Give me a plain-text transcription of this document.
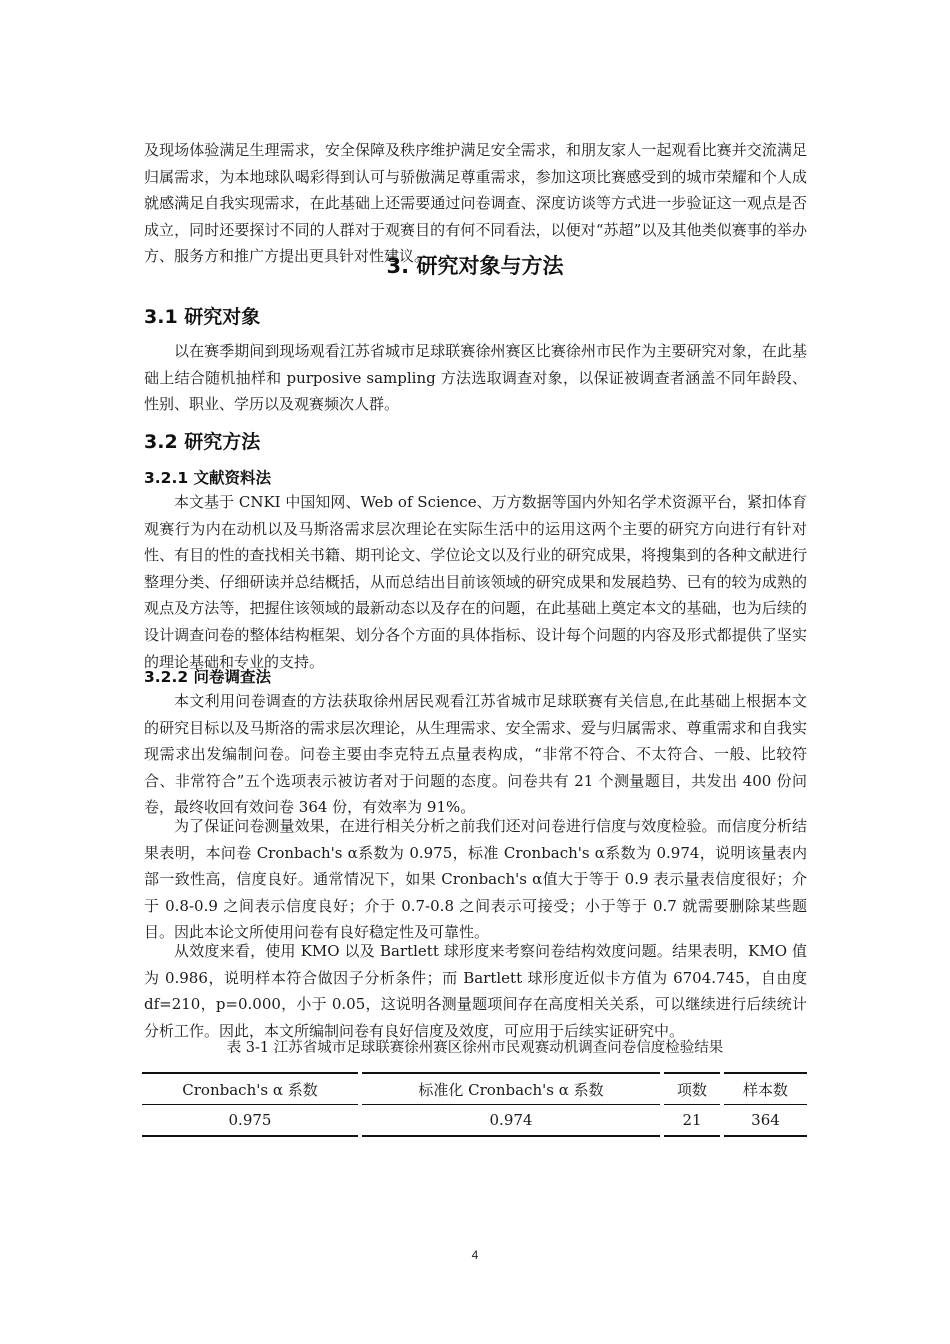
及现场体验满足生理需求，安全保障及秩序维护满足安全需求，和朋友家人一起观看比赛并交流满足归属需求，为本地球队喝彩得到认可与骄傲满足尊重需求，参加这项比赛感受到的城市荣耀和个人成就感满足自我实现需求，在此基础上还需要通过问卷调查、深度访谈等方式进一步验证这一观点是否成立，同时还要探讨不同的人群对于观赛目的有何不同看法，以便对“苏超”以及其他类似赛事的举办方、服务方和推广方提出更具针对性建议。

3. 研究对象与方法
3.1 研究对象

以在赛季期间到现场观看江苏省城市足球联赛徐州赛区比赛徐州市民作为主要研究对象，在此基础上结合随机抽样和 purposive sampling 方法选取调查对象，以保证被调查者涵盖不同年龄段、性别、职业、学历以及观赛频次人群。

3.2 研究方法
3.2.1 文献资料法

本文基于 CNKI 中国知网、Web of Science、万方数据等国内外知名学术资源平台，紧扣体育观赛行为内在动机以及马斯洛需求层次理论在实际生活中的运用这两个主要的研究方向进行有针对性、有目的性的查找相关书籍、期刊论文、学位论文以及行业的研究成果，将搜集到的各种文献进行整理分类、仔细研读并总结概括，从而总结出目前该领域的研究成果和发展趋势、已有的较为成熟的观点及方法等，把握住该领域的最新动态以及存在的问题，在此基础上奠定本文的基础，也为后续的设计调查问卷的整体结构框架、划分各个方面的具体指标、设计每个问题的内容及形式都提供了坚实的理论基础和专业的支持。

3.2.2 问卷调查法

本文利用问卷调查的方法获取徐州居民观看江苏省城市足球联赛有关信息,在此基础上根据本文的研究目标以及马斯洛的需求层次理论，从生理需求、安全需求、爱与归属需求、尊重需求和自我实现需求出发编制问卷。问卷主要由李克特五点量表构成，“非常不符合、不太符合、一般、比较符合、非常符合”五个选项表示被访者对于问题的态度。问卷共有 21 个测量题目，共发出 400 份问卷，最终收回有效问卷 364 份，有效率为 91%。

为了保证问卷测量效果，在进行相关分析之前我们还对问卷进行信度与效度检验。而信度分析结果表明，本问卷 Cronbach's α系数为 0.975，标准 Cronbach's α系数为 0.974，说明该量表内部一致性高，信度良好。通常情况下，如果 Cronbach's α值大于等于 0.9 表示量表信度很好；介于 0.8-0.9 之间表示信度良好；介于 0.7-0.8 之间表示可接受；小于等于 0.7 就需要删除某些题目。因此本论文所使用问卷有良好稳定性及可靠性。

从效度来看，使用 KMO 以及 Bartlett 球形度来考察问卷结构效度问题。结果表明，KMO 值为 0.986，说明样本符合做因子分析条件；而 Bartlett 球形度近似卡方值为 6704.745，自由度 df=210，p=0.000，小于 0.05，这说明各测量题项间存在高度相关关系，可以继续进行后续统计分析工作。因此，本文所编制问卷有良好信度及效度，可应用于后续实证研究中。

表 3-1 江苏省城市足球联赛徐州赛区徐州市民观赛动机调查问卷信度检验结果

Cronbach's α 系数	标准化 Cronbach's α 系数	项数	样本数
0.975	0.974	21	364
4
